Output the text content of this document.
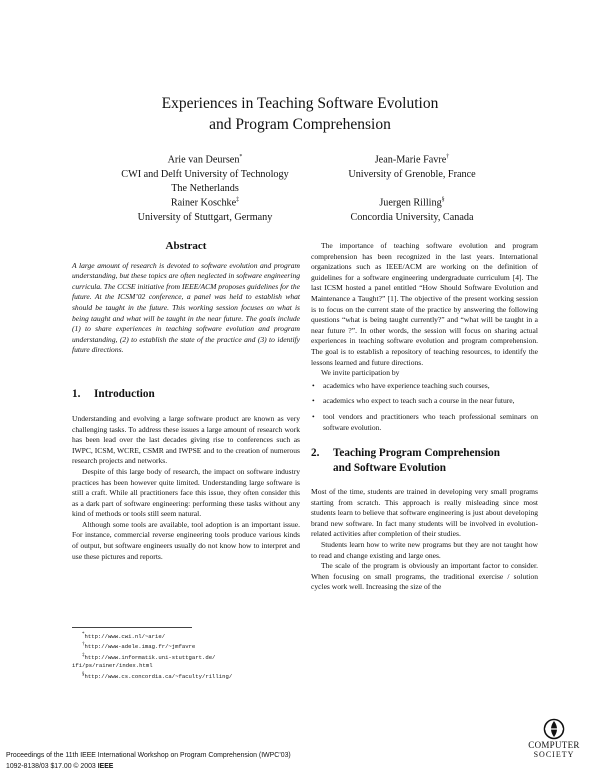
Experiences in Teaching Software Evolution
and Program Comprehension
Arie van Deursen*
CWI and Delft University of Technology
The Netherlands
Jean-Marie Favre†
University of Grenoble, France
Rainer Koschke‡
University of Stuttgart, Germany
Juergen Rilling§
Concordia University, Canada
Abstract

A large amount of research is devoted to software evolution and program understanding, but these topics are often neglected in software engineering curricula. The CCSE initiative from IEEE/ACM proposes guidelines for the future. At the ICSM’02 conference, a panel was held to establish what should be taught in the future. This working session focuses on what is being taught and what will be taught in the near future. The goals include (1) to share experiences in teaching software evolution and program understanding, (2) to establish the state of the practice and (3) to identify future directions.

1. Introduction

Understanding and evolving a large software product are known as very challenging tasks. To address these issues a large amount of research work has been lead over the last decades giving rise to conferences such as IWPC, ICSM, WCRE, CSMR and IWPSE and to the creation of numerous research projects and networks.

Despite of this large body of research, the impact on software industry practices has been however quite limited. Understanding large software is still a craft. While all practitioners face this issue, they often consider this as a dark part of software engineering: performing these tasks without any kind of methods or tools still seem natural.

Although some tools are available, tool adoption is an important issue. For instance, commercial reverse engineering tools produce various kinds of output, but software engineers usually do not know how to interpret and use these pictures and reports.

*http://www.cwi.nl/~arie/
†http://www-adele.imag.fr/~jmfavre
‡http://www.informatik.uni-stuttgart.de/
ifi/ps/rainer/index.html
§http://www.cs.concordia.ca/~faculty/rilling/

The importance of teaching software evolution and program comprehension has been recognized in the last years. International organizations such as IEEE/ACM are working on the definition of guidelines for a software engineering undergraduate curriculum [4]. The last ICSM hosted a panel entitled “How Should Software Evolution and Maintenance a Taught?” [1]. The objective of the present working session is to focus on the current state of the practice by answering the following questions “what is being taught currently?” and “what will be taught in a near future ?”. In other words, the session will focus on sharing actual experiences in teaching software evolution and program comprehension. The goal is to establish a repository of teaching resources, to identify the lessons learned and future directions.

We invite participation by

• academics who have experience teaching such courses,
• academics who expect to teach such a course in the near future,
• tool vendors and practitioners who teach professional seminars on software evolution.
2. Teaching Program Comprehension
and Software Evolution

Most of the time, students are trained in developing very small programs starting from scratch. This approach is really misleading since most students learn to believe that software engineering is just about developing brand new software. In fact many students will be involved in evolution-related activities after completion of their studies.

Students learn how to write new programs but they are not taught how to read and change existing and large ones.

The scale of the program is obviously an important factor to consider. When focusing on small programs, the traditional exercise / solution cycles work well. Increasing the size of the

Proceedings of the 11th IEEE International Workshop on Program Comprehension (IWPC’03)
1092-8138/03 $17.00 © 2003 IEEE
COMPUTER
SOCIETY
